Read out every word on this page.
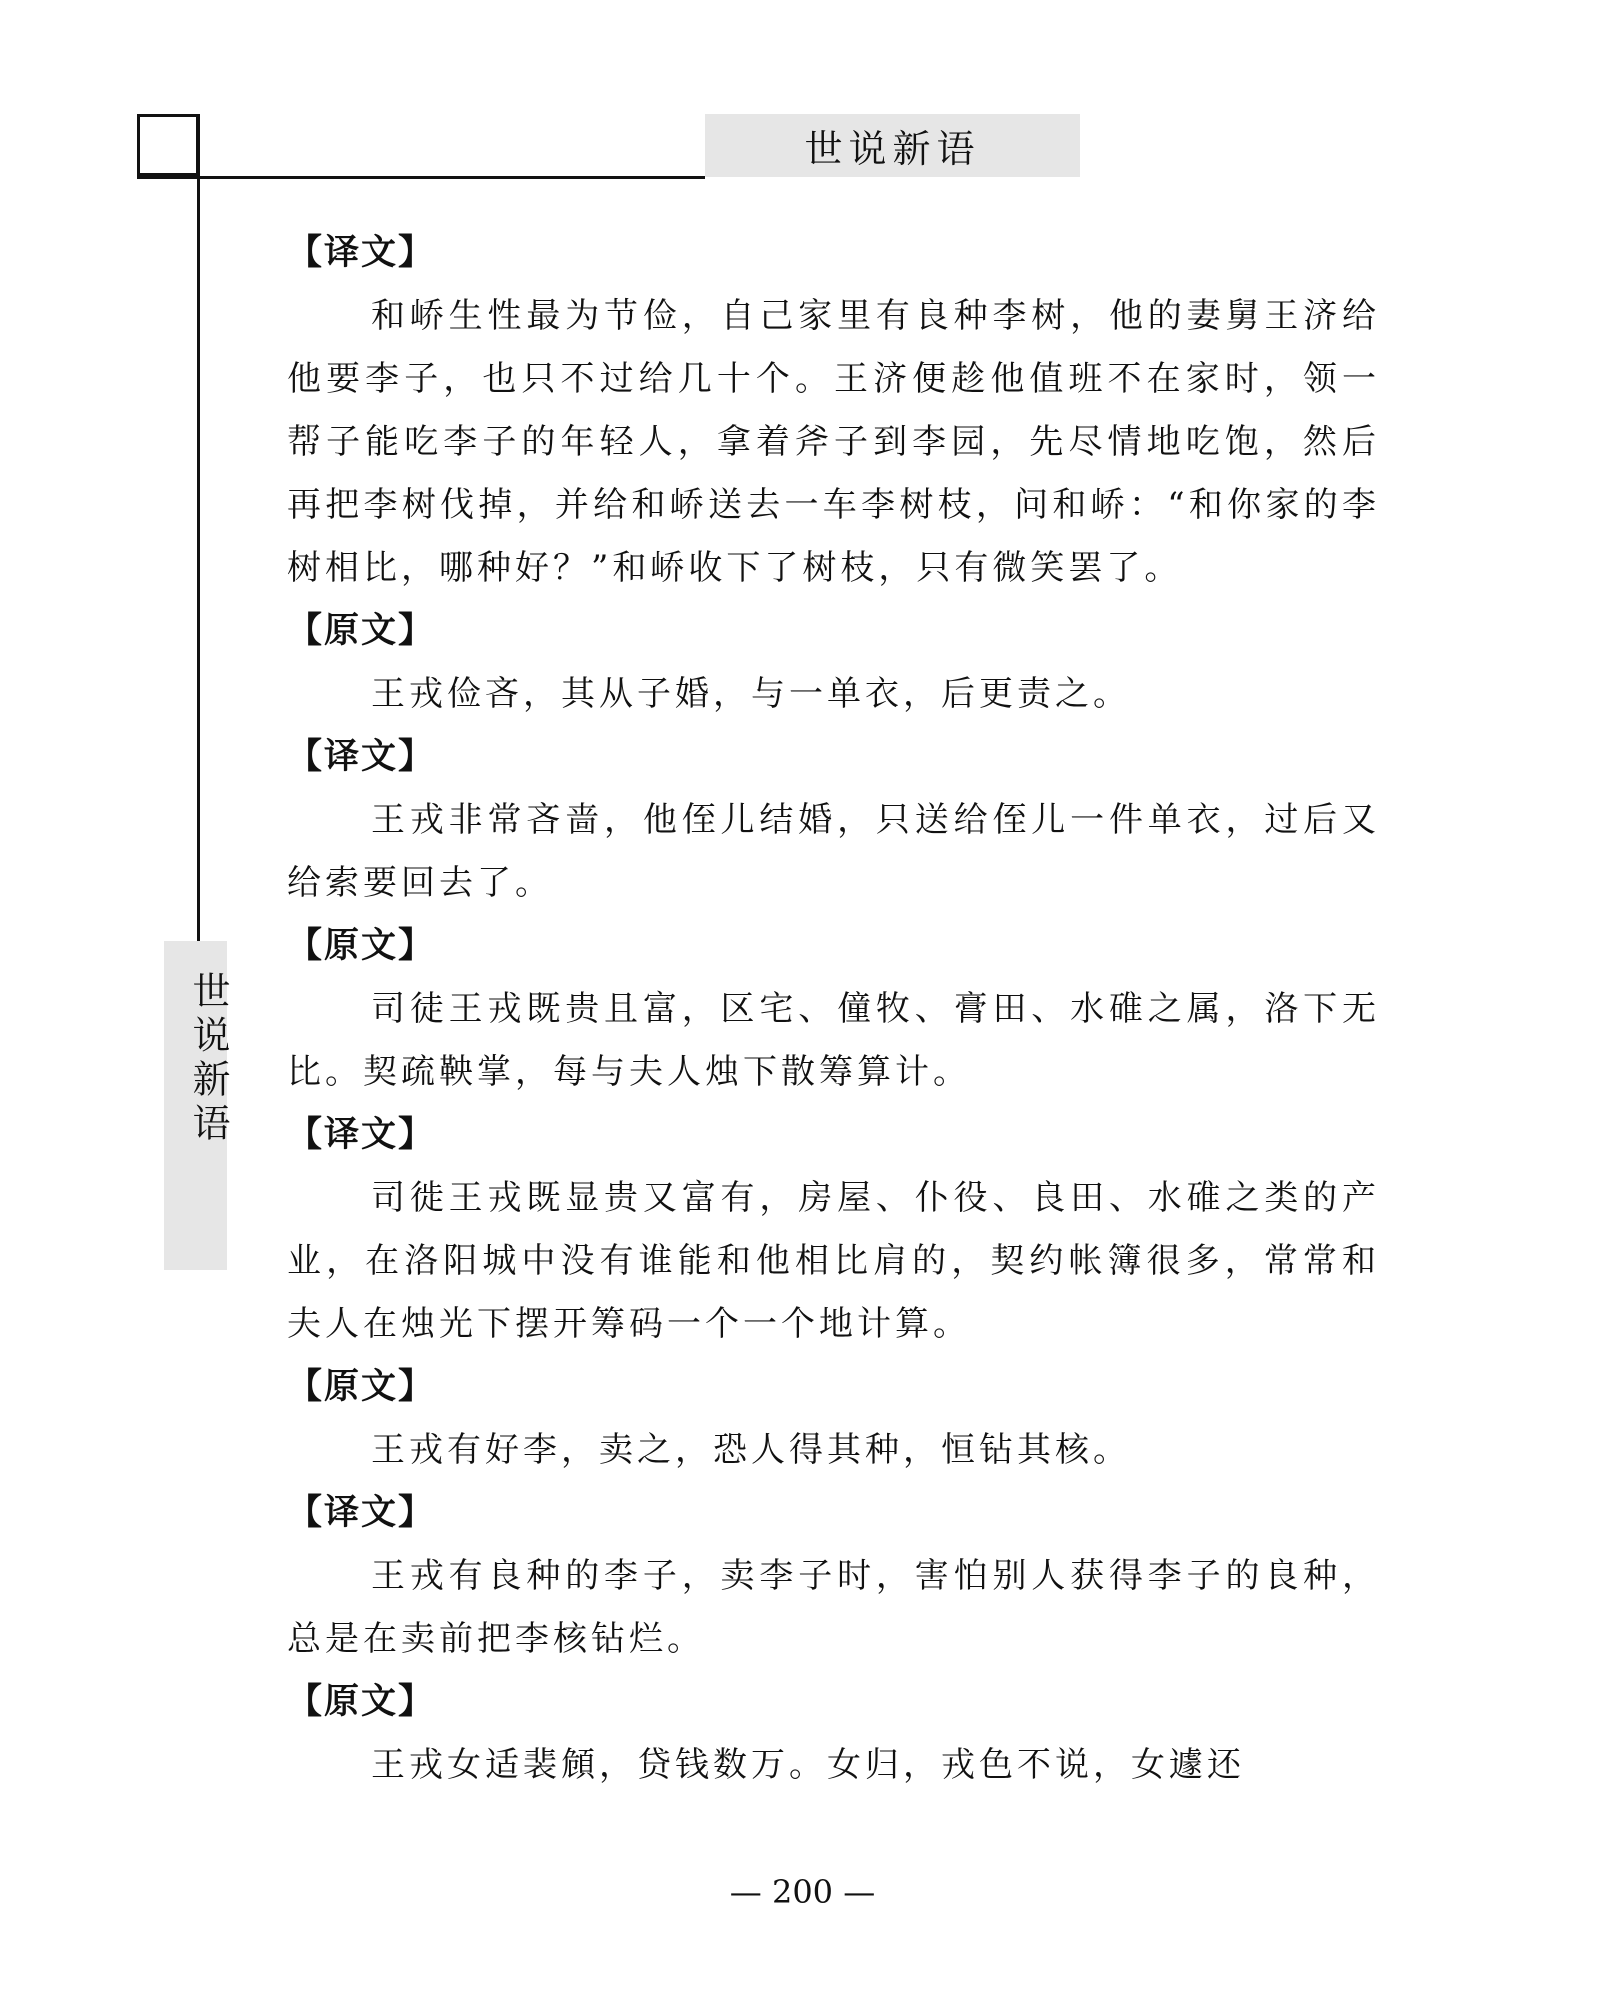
世说新语
世说新语

【译文】

和峤生性最为节俭，自己家里有良种李树，他的妻舅王济给他要李子，也只不过给几十个。王济便趁他值班不在家时，领一帮子能吃李子的年轻人，拿着斧子到李园，先尽情地吃饱，然后再把李树伐掉，并给和峤送去一车李树枝，问和峤：“和你家的李树相比，哪种好？”和峤收下了树枝，只有微笑罢了。

【原文】

王戎俭吝，其从子婚，与一单衣，后更责之。

【译文】

王戎非常吝啬，他侄儿结婚，只送给侄儿一件单衣，过后又给索要回去了。

【原文】

司徒王戎既贵且富，区宅、僮牧、膏田、水碓之属，洛下无比。契疏鞅掌，每与夫人烛下散筹算计。

【译文】

司徙王戎既显贵又富有，房屋、仆役、良田、水碓之类的产业，在洛阳城中没有谁能和他相比肩的，契约帐簿很多，常常和夫人在烛光下摆开筹码一个一个地计算。

【原文】

王戎有好李，卖之，恐人得其种，恒钻其核。

【译文】

王戎有良种的李子，卖李子时，害怕别人获得李子的良种，总是在卖前把李核钻烂。

【原文】

王戎女适裴頠，贷钱数万。女归，戎色不说，女遽还

— 200 —
